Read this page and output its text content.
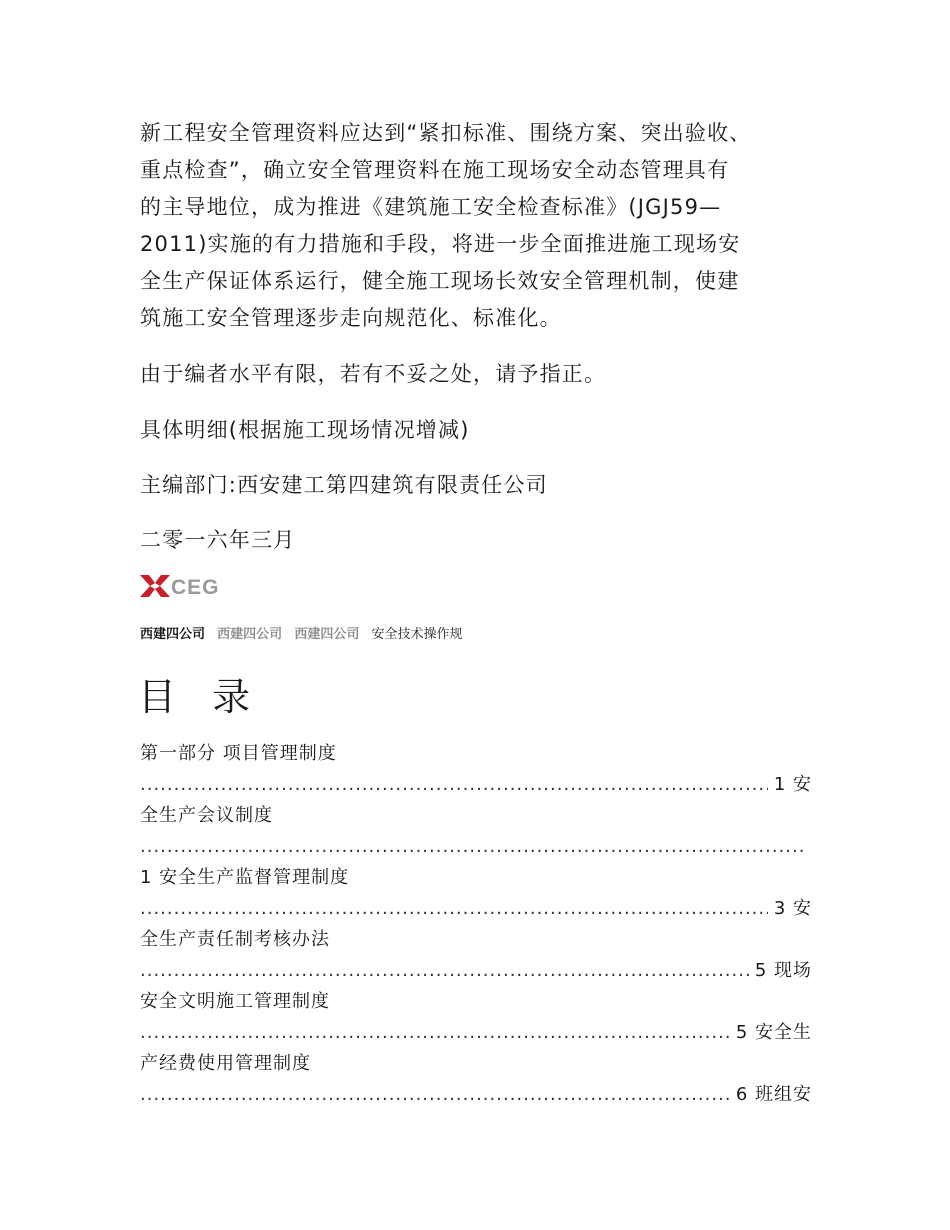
新工程安全管理资料应达到“紧扣标准、围绕方案、突出验收、
重点检查”，确立安全管理资料在施工现场安全动态管理具有
的主导地位，成为推进《建筑施工安全检查标准》(JGJ59—
2011)实施的有力措施和手段，将进一步全面推进施工现场安
全生产保证体系运行，健全施工现场长效安全管理机制，使建
筑施工安全管理逐步走向规范化、标准化。

由于编者水平有限，若有不妥之处，请予指正。

具体明细(根据施工现场情况增减)

主编部门:西安建工第四建筑有限责任公司

二零一六年三月

CEG
西建四公司 西建四公司 西建四公司 安全技术操作规
目 录
第一部分 项目管理制度
.....
1 安
全生产会议制度
.....
1 安全生产监督管理制度
.....
3 安
全生产责任制考核办法
.....
5 现场
安全文明施工管理制度
.....
5 安全生
产经费使用管理制度
.....
6 班组安
